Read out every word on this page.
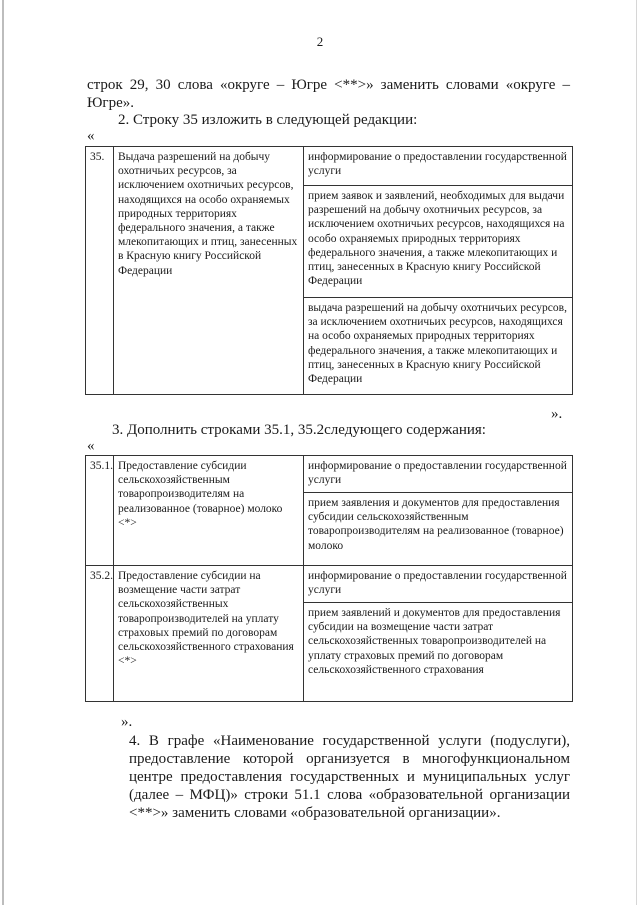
2
строк 29, 30 слова «округе – Югре <**>» заменить словами «округе – Югре».
2. Строку 35 изложить в следующей редакции:
«
35.	Выдача разрешений на добычу охотничьих ресурсов, за исключением охотничьих ресурсов, находящихся на особо охраняемых природных территориях федерального значения, а также млекопитающих и птиц, занесенных в Красную книгу Российской Федерации	информирование о предоставлении государственной услуги
прием заявок и заявлений, необходимых для выдачи разрешений на добычу охотничьих ресурсов, за исключением охотничьих ресурсов, находящихся на особо охраняемых природных территориях федерального значения, а также млекопитающих и птиц, занесенных в Красную книгу Российской Федерации
выдача разрешений на добычу охотничьих ресурсов, за исключением охотничьих ресурсов, находящихся на особо охраняемых природных территориях федерального значения, а также млекопитающих и птиц, занесенных в Красную книгу Российской Федерации
».
3. Дополнить строками 35.1, 35.2следующего содержания:
«
35.1.	Предоставление субсидии сельскохозяйственным товаропроизводителям на реализованное (товарное) молоко <*>	информирование о предоставлении государственной услуги
		прием заявления и документов для предоставления субсидии сельскохозяйственным товаропроизводителям на реализованное (товарное) молоко
35.2.	Предоставление субсидии на возмещение части затрат сельскохозяйственных товаропроизводителей на уплату страховых премий по договорам сельскохозяйственного страхования <*>	информирование о предоставлении государственной услуги
		прием заявлений и документов для предоставления субсидии на возмещение части затрат сельскохозяйственных товаропроизводителей на уплату страховых премий по договорам сельскохозяйственного страхования
».
4. В графе «Наименование государственной услуги (подуслуги), предоставление которой организуется в многофункциональном центре предоставления государственных и муниципальных услуг (далее – МФЦ)» строки 51.1 слова «образовательной организации <**>» заменить словами «образовательной организации».
